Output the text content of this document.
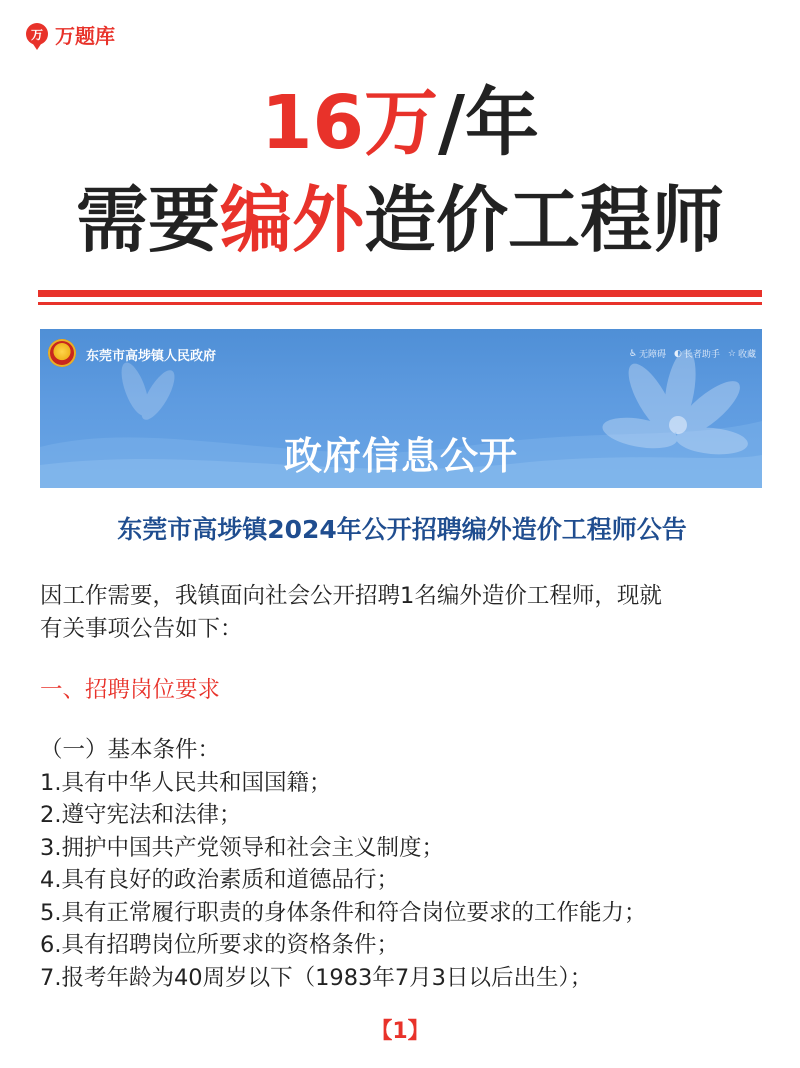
万 万题库
16万/年
需要编外造价工程师
东莞市高埗镇人民政府	♿ 无障碍 ◐ 长者助手 ☆ 收藏
政府信息公开
东莞市高埗镇2024年公开招聘编外造价工程师公告
因工作需要，我镇面向社会公开招聘1名编外造价工程师，现就
有关事项公告如下：
一、招聘岗位要求
（一）基本条件：
1.具有中华人民共和国国籍；
2.遵守宪法和法律；
3.拥护中国共产党领导和社会主义制度；
4.具有良好的政治素质和道德品行；
5.具有正常履行职责的身体条件和符合岗位要求的工作能力；
6.具有招聘岗位所要求的资格条件；
7.报考年龄为40周岁以下（1983年7月3日以后出生）；
【1】
